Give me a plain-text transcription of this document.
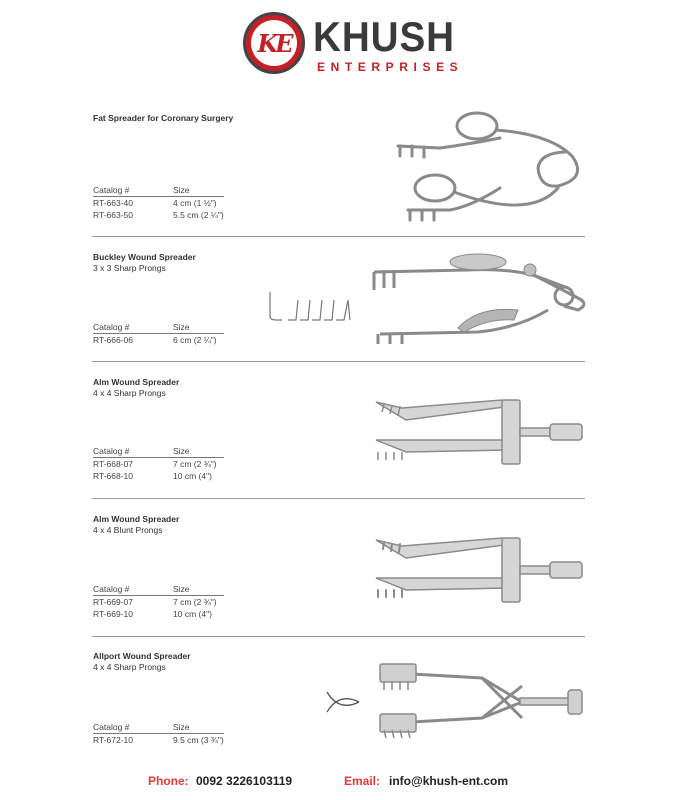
KE KHUSH
ENTERPRISES
Fat Spreader for Coronary Surgery
Catalog #	Size
RT-663-40	4 cm (1 ½")
RT-663-50	5.5 cm (2 ¼")
Buckley Wound Spreader
3 x 3 Sharp Prongs
Catalog #	Size
RT-666-06	6 cm (2 ¼")
Alm Wound Spreader
4 x 4 Sharp Prongs
Catalog #	Size
RT-668-07	7 cm (2 ¾")
RT-668-10	10 cm (4")
Alm Wound Spreader
4 x 4 Blunt Prongs
Catalog #	Size
RT-669-07	7 cm (2 ¾")
RT-669-10	10 cm (4")
Allport Wound Spreader
4 x 4 Sharp Prongs
Catalog #	Size
RT-672-10	9.5 cm (3 ¾")
Phone: 0092 3226103119	Email: info@khush-ent.com
